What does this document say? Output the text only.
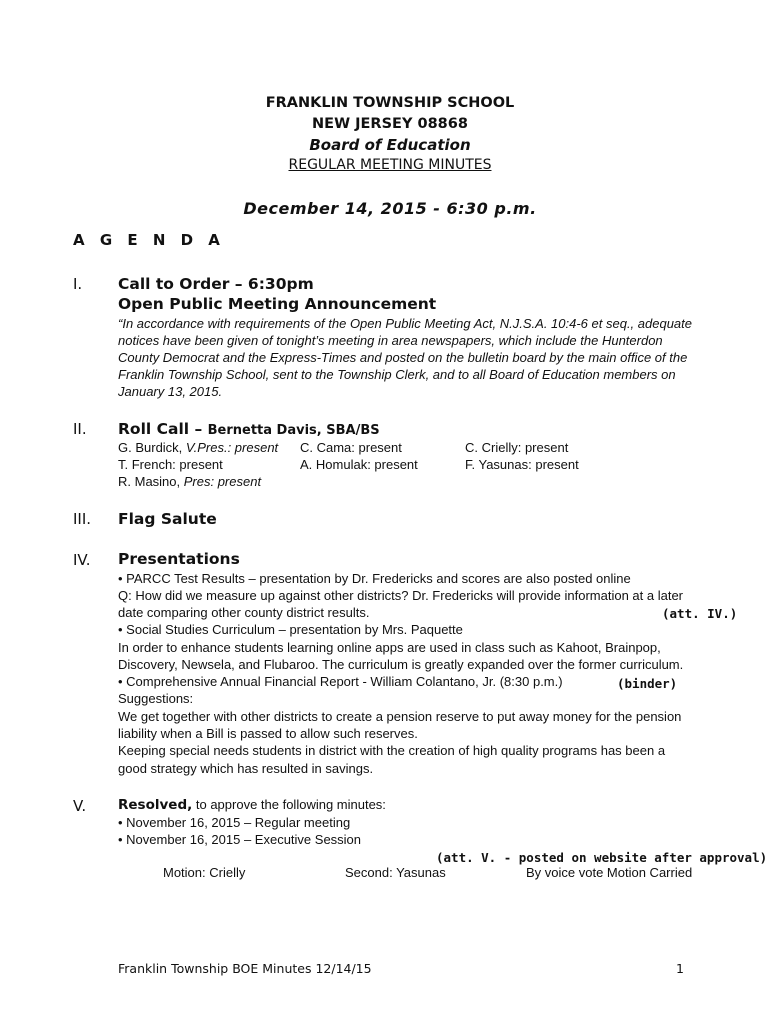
FRANKLIN TOWNSHIP SCHOOL
NEW JERSEY 08868
Board of Education
REGULAR MEETING MINUTES
December 14, 2015 - 6:30 p.m.
A G E N D A
I. Call to Order – 6:30pm
Open Public Meeting Announcement
“In accordance with requirements of the Open Public Meeting Act, N.J.S.A. 10:4-6 et seq., adequate
notices have been given of tonight’s meeting in area newspapers, which include the Hunterdon
County Democrat and the Express-Times and posted on the bulletin board by the main office of the
Franklin Township School, sent to the Township Clerk, and to all Board of Education members on
January 13, 2015.
II. Roll Call – Bernetta Davis, SBA/BS
G. Burdick, V.Pres.: present C. Cama: present	C. Crielly: present
T. French: present	A. Homulak: present	F. Yasunas: present
R. Masino, Pres: present
III. Flag Salute
IV. Presentations
• PARCC Test Results – presentation by Dr. Fredericks and scores are also posted online
Q: How did we measure up against other districts? Dr. Fredericks will provide information at a later
date comparing other county district results.	(att. IV.)
• Social Studies Curriculum – presentation by Mrs. Paquette
In order to enhance students learning online apps are used in class such as Kahoot, Brainpop,
Discovery, Newsela, and Flubaroo. The curriculum is greatly expanded over the former curriculum.
• Comprehensive Annual Financial Report - William Colantano, Jr. (8:30 p.m.)	(binder)
Suggestions:
We get together with other districts to create a pension reserve to put away money for the pension
liability when a Bill is passed to allow such reserves.
Keeping special needs students in district with the creation of high quality programs has been a
good strategy which has resulted in savings.
V. Resolved, to approve the following minutes:
• November 16, 2015 – Regular meeting
• November 16, 2015 – Executive Session
(att. V. - posted on website after approval)
Motion: Crielly	Second: Yasunas	By voice vote Motion Carried
Franklin Township BOE Minutes 12/14/15	1
